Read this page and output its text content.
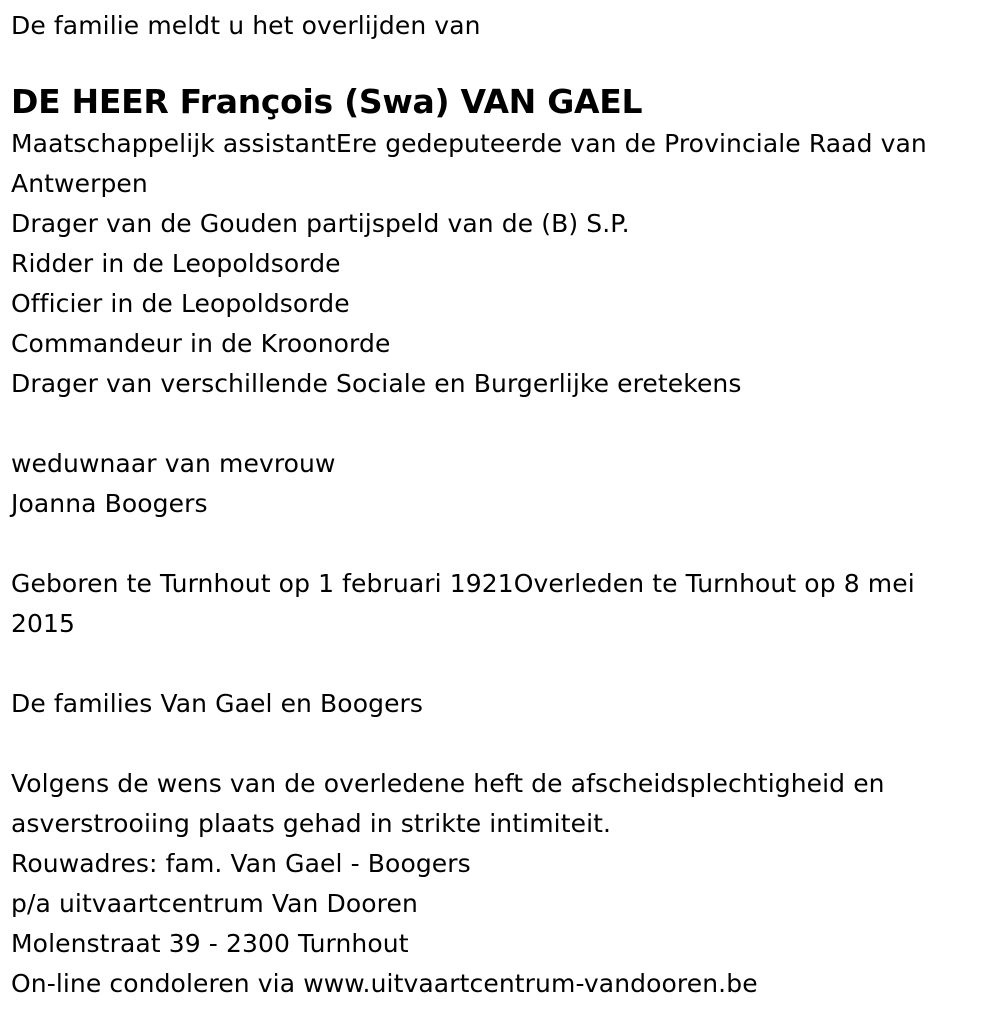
De familie meldt u het overlijden van

DE HEER François (Swa) VAN GAEL

Maatschappelijk assistantEre gedeputeerde van de Provinciale Raad van Antwerpen

Drager van de Gouden partijspeld van de (B) S.P.

Ridder in de Leopoldsorde

Officier in de Leopoldsorde

Commandeur in de Kroonorde

Drager van verschillende Sociale en Burgerlijke eretekens

weduwnaar van mevrouw

Joanna Boogers

Geboren te Turnhout op 1 februari 1921Overleden te Turnhout op 8 mei 2015

De families Van Gael en Boogers

Volgens de wens van de overledene heft de afscheidsplechtigheid en asverstrooiing plaats gehad in strikte intimiteit.

Rouwadres: fam. Van Gael - Boogers

p/a uitvaartcentrum Van Dooren

Molenstraat 39 - 2300 Turnhout

On-line condoleren via www.uitvaartcentrum-vandooren.be
